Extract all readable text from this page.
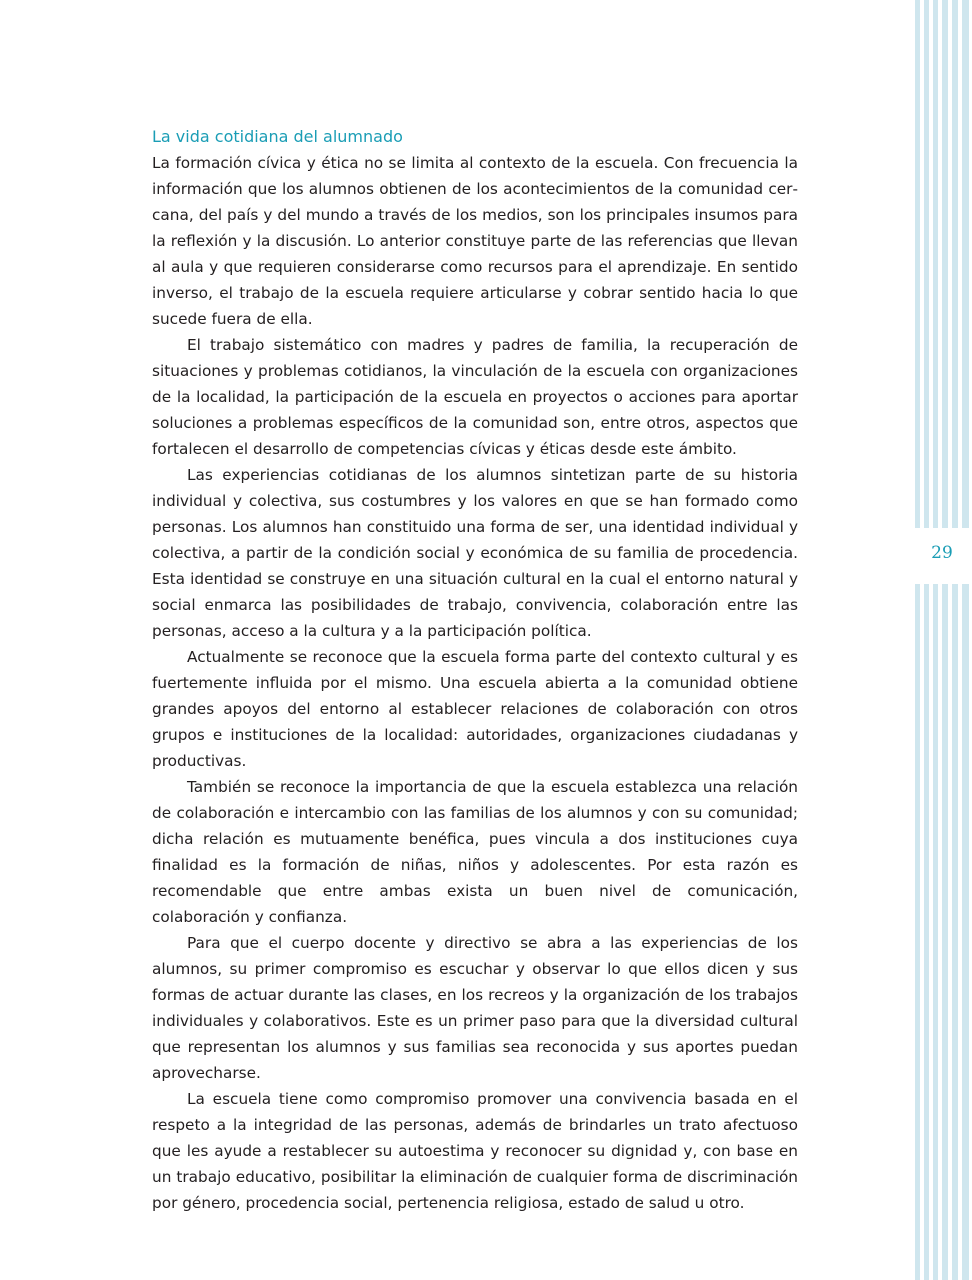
La vida cotidiana del alumnado

La formación cívica y ética no se limita al contexto de la escuela. Con frecuencia la información que los alumnos obtienen de los acontecimientos de la comunidad cercana, del país y del mundo a través de los medios, son los principales insumos para la reflexión y la discusión. Lo anterior constituye parte de las referencias que llevan al aula y que requieren considerarse como recursos para el aprendizaje. En sentido inverso, el trabajo de la escuela requiere articularse y cobrar sentido hacia lo que sucede fuera de ella.

El trabajo sistemático con madres y padres de familia, la recuperación de situaciones y problemas cotidianos, la vinculación de la escuela con organizaciones de la localidad, la participación de la escuela en proyectos o acciones para aportar soluciones a problemas específicos de la comunidad son, entre otros, aspectos que fortalecen el desarrollo de competencias cívicas y éticas desde este ámbito.

Las experiencias cotidianas de los alumnos sintetizan parte de su historia individual y colectiva, sus costumbres y los valores en que se han formado como personas. Los alumnos han constituido una forma de ser, una identidad individual y colectiva, a partir de la condición social y económica de su familia de procedencia. Esta identidad se construye en una situación cultural en la cual el entorno natural y social enmarca las posibilidades de trabajo, convivencia, colaboración entre las personas, acceso a la cultura y a la participación política.

Actualmente se reconoce que la escuela forma parte del contexto cultural y es fuertemente influida por el mismo. Una escuela abierta a la comunidad obtiene grandes apoyos del entorno al establecer relaciones de colaboración con otros grupos e instituciones de la localidad: autoridades, organizaciones ciudadanas y productivas.

También se reconoce la importancia de que la escuela establezca una relación de colaboración e intercambio con las familias de los alumnos y con su comunidad; dicha relación es mutuamente benéfica, pues vincula a dos instituciones cuya finalidad es la formación de niñas, niños y adolescentes. Por esta razón es recomendable que entre ambas exista un buen nivel de comunicación, colaboración y confianza.

Para que el cuerpo docente y directivo se abra a las experiencias de los alumnos, su primer compromiso es escuchar y observar lo que ellos dicen y sus formas de actuar durante las clases, en los recreos y la organización de los trabajos individuales y colaborativos. Este es un primer paso para que la diversidad cultural que representan los alumnos y sus familias sea reconocida y sus aportes puedan aprovecharse.

La escuela tiene como compromiso promover una convivencia basada en el respeto a la integridad de las personas, además de brindarles un trato afectuoso que les ayude a restablecer su autoestima y reconocer su dignidad y, con base en un trabajo educativo, posibilitar la eliminación de cualquier forma de discriminación por género, procedencia social, pertenencia religiosa, estado de salud u otro.

29
